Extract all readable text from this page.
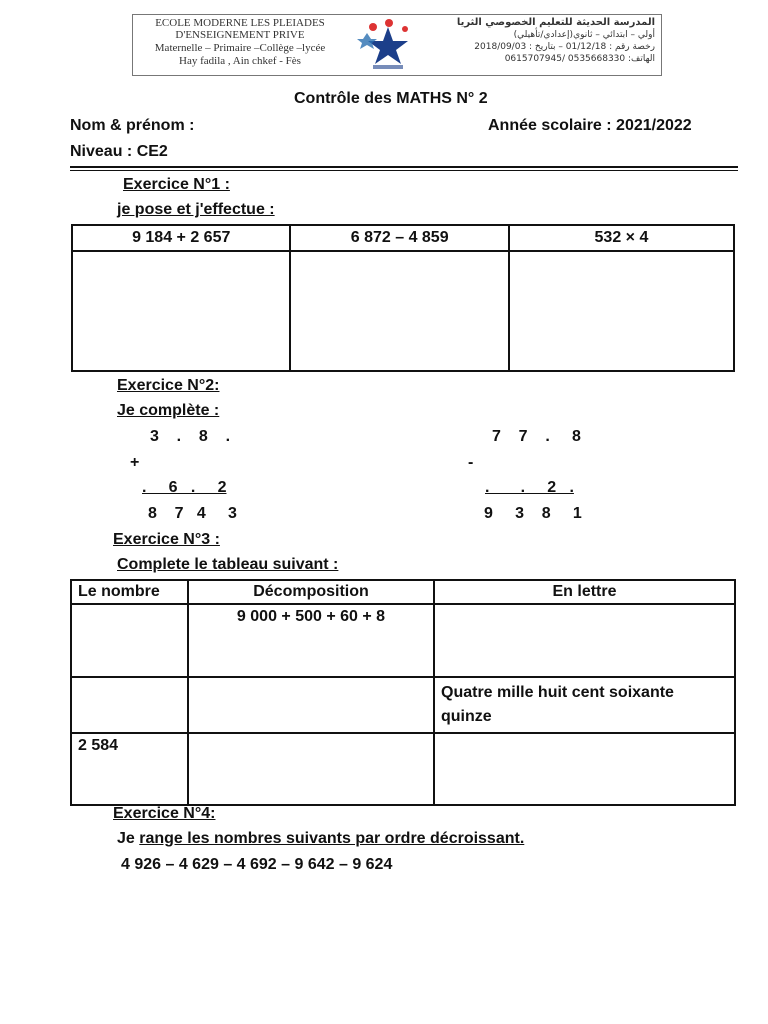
ECOLE MODERNE LES PLEIADES
D'ENSEIGNEMENT PRIVE
Maternelle – Primaire –Collège –lycée
Hay fadila , Ain chkef - Fès
المدرسة الحديثة للتعليم الخصوصي الثريا
أولي – ابتدائي – ثانوي(إعدادي/تأهيلي)
رخصة رقم : 01/12/18 – بتاريخ : 2018/09/03
الهاتف: 0535668330 /0615707945
Contrôle des MATHS N° 2
Nom & prénom :	Année scolaire : 2021/2022
Niveau : CE2
Exercice N°1 :
je pose et j'effectue :
9 184 + 2 657	6 872 – 4 859	532 × 4

Exercice N°2:
Je complète :
3    .    8    .
+
.     6   .     2
8    7   4     3
7    7    .     8
-
.       .     2   .
9     3    8     1
Exercice N°3 :
Complete le tableau suivant :
Le nombre	Décomposition	En lettre
	9 000 + 500 + 60 + 8	
		Quatre mille huit cent soixante quinze
2 584		
Exercice N°4:
Je range les nombres suivants par ordre décroissant.
4 926 – 4 629 – 4 692 – 9 642 – 9 624
